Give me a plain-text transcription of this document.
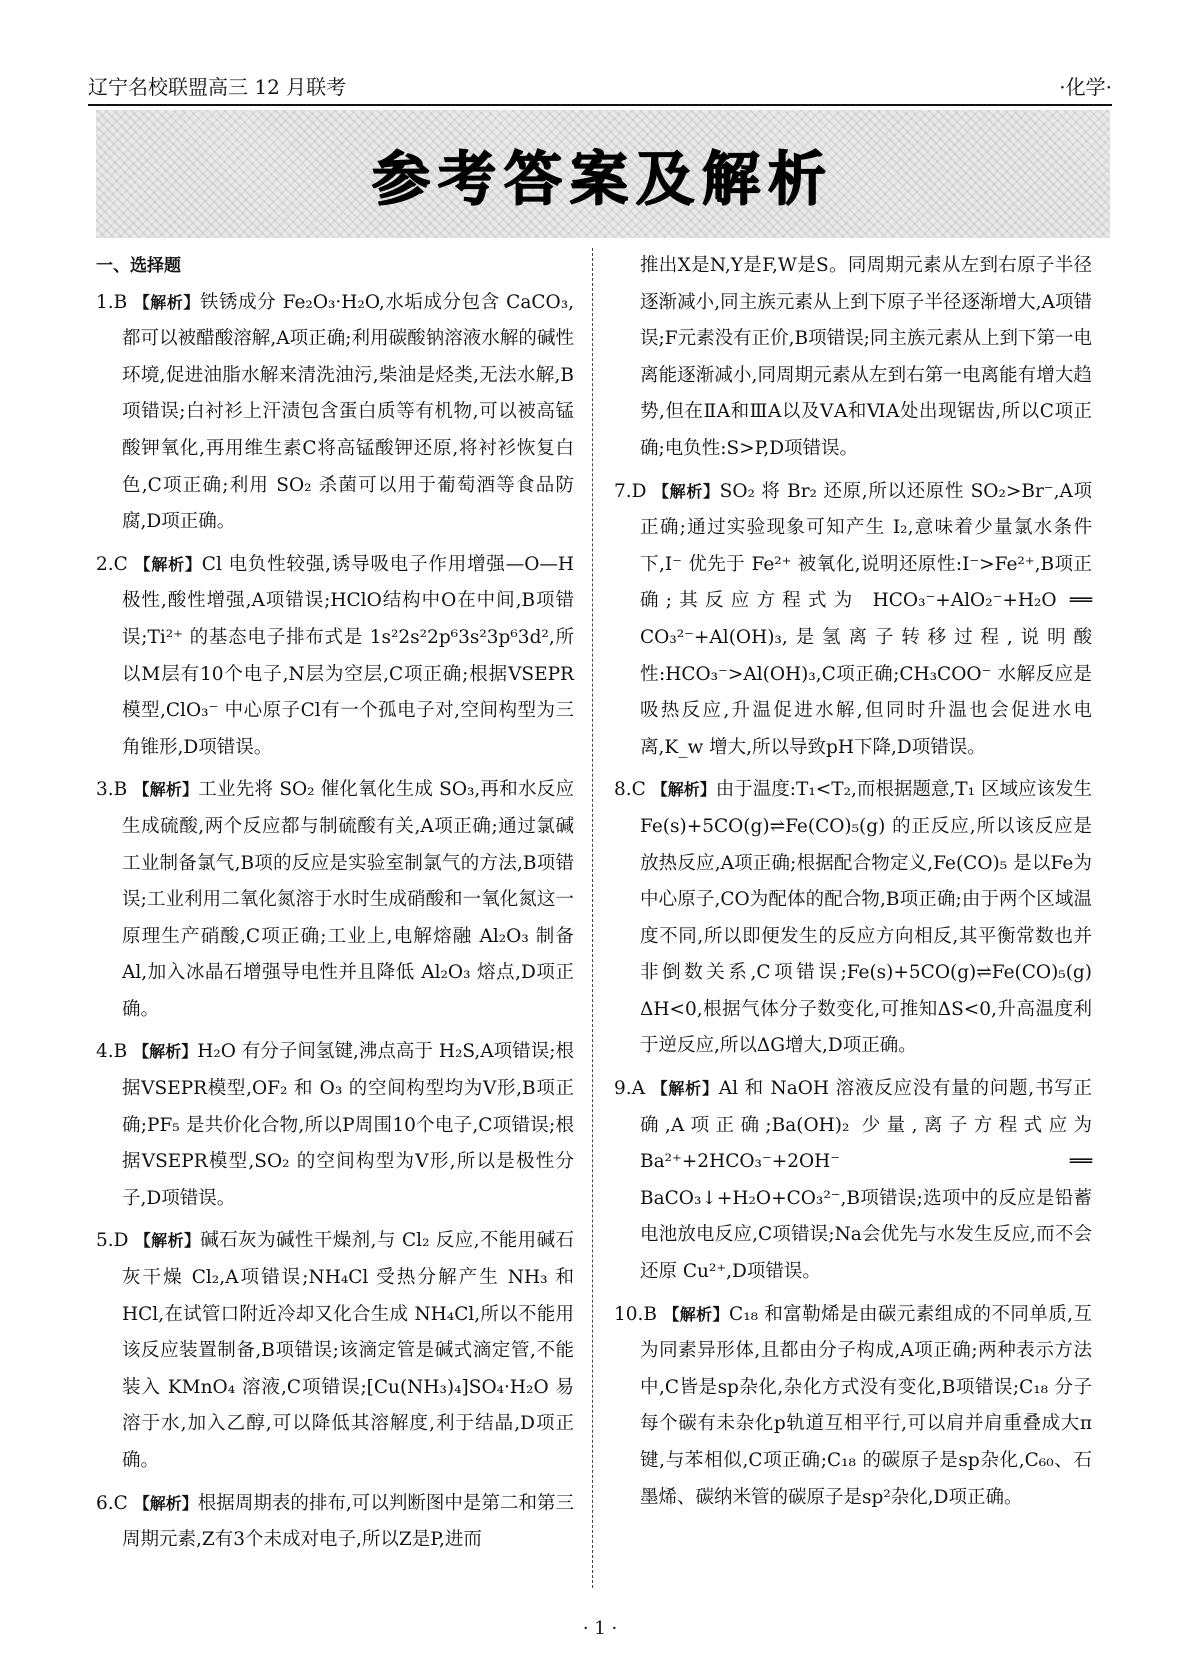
辽宁名校联盟高三 12 月联考	·化学·
参考答案及解析
一、选择题

1.B 【解析】铁锈成分 Fe₂O₃·H₂O,水垢成分包含 CaCO₃,都可以被醋酸溶解,A项正确;利用碳酸钠溶液水解的碱性环境,促进油脂水解来清洗油污,柴油是烃类,无法水解,B项错误;白衬衫上汗渍包含蛋白质等有机物,可以被高锰酸钾氧化,再用维生素C将高锰酸钾还原,将衬衫恢复白色,C项正确;利用 SO₂ 杀菌可以用于葡萄酒等食品防腐,D项正确。

2.C 【解析】Cl 电负性较强,诱导吸电子作用增强—O—H极性,酸性增强,A项错误;HClO结构中O在中间,B项错误;Ti²⁺ 的基态电子排布式是 1s²2s²2p⁶3s²3p⁶3d²,所以M层有10个电子,N层为空层,C项正确;根据VSEPR模型,ClO₃⁻ 中心原子Cl有一个孤电子对,空间构型为三角锥形,D项错误。

3.B 【解析】工业先将 SO₂ 催化氧化生成 SO₃,再和水反应生成硫酸,两个反应都与制硫酸有关,A项正确;通过氯碱工业制备氯气,B项的反应是实验室制氯气的方法,B项错误;工业利用二氧化氮溶于水时生成硝酸和一氧化氮这一原理生产硝酸,C项正确;工业上,电解熔融 Al₂O₃ 制备 Al,加入冰晶石增强导电性并且降低 Al₂O₃ 熔点,D项正确。

4.B 【解析】H₂O 有分子间氢键,沸点高于 H₂S,A项错误;根据VSEPR模型,OF₂ 和 O₃ 的空间构型均为V形,B项正确;PF₅ 是共价化合物,所以P周围10个电子,C项错误;根据VSEPR模型,SO₂ 的空间构型为V形,所以是极性分子,D项错误。

5.D 【解析】碱石灰为碱性干燥剂,与 Cl₂ 反应,不能用碱石灰干燥 Cl₂,A项错误;NH₄Cl 受热分解产生 NH₃ 和 HCl,在试管口附近冷却又化合生成 NH₄Cl,所以不能用该反应装置制备,B项错误;该滴定管是碱式滴定管,不能装入 KMnO₄ 溶液,C项错误;[Cu(NH₃)₄]SO₄·H₂O 易溶于水,加入乙醇,可以降低其溶解度,利于结晶,D项正确。

6.C 【解析】根据周期表的排布,可以判断图中是第二和第三周期元素,Z有3个未成对电子,所以Z是P,进而

推出X是N,Y是F,W是S。同周期元素从左到右原子半径逐渐减小,同主族元素从上到下原子半径逐渐增大,A项错误;F元素没有正价,B项错误;同主族元素从上到下第一电离能逐渐减小,同周期元素从左到右第一电离能有增大趋势,但在ⅡA和ⅢA以及ⅤA和ⅥA处出现锯齿,所以C项正确;电负性:S>P,D项错误。

7.D 【解析】SO₂ 将 Br₂ 还原,所以还原性 SO₂>Br⁻,A项正确;通过实验现象可知产生 I₂,意味着少量氯水条件下,I⁻ 优先于 Fe²⁺ 被氧化,说明还原性:I⁻>Fe²⁺,B项正确;其反应方程式为 HCO₃⁻+AlO₂⁻+H₂O ══ CO₃²⁻+Al(OH)₃,是氢离子转移过程,说明酸性:HCO₃⁻>Al(OH)₃,C项正确;CH₃COO⁻ 水解反应是吸热反应,升温促进水解,但同时升温也会促进水电离,K_w 增大,所以导致pH下降,D项错误。

8.C 【解析】由于温度:T₁<T₂,而根据题意,T₁ 区域应该发生 Fe(s)+5CO(g)⇌Fe(CO)₅(g) 的正反应,所以该反应是放热反应,A项正确;根据配合物定义,Fe(CO)₅ 是以Fe为中心原子,CO为配体的配合物,B项正确;由于两个区域温度不同,所以即便发生的反应方向相反,其平衡常数也并非倒数关系,C项错误;Fe(s)+5CO(g)⇌Fe(CO)₅(g) ΔH<0,根据气体分子数变化,可推知ΔS<0,升高温度利于逆反应,所以ΔG增大,D项正确。

9.A 【解析】Al 和 NaOH 溶液反应没有量的问题,书写正确,A项正确;Ba(OH)₂ 少量,离子方程式应为 Ba²⁺+2HCO₃⁻+2OH⁻ ══ BaCO₃↓+H₂O+CO₃²⁻,B项错误;选项中的反应是铅蓄电池放电反应,C项错误;Na会优先与水发生反应,而不会还原 Cu²⁺,D项错误。

10.B 【解析】C₁₈ 和富勒烯是由碳元素组成的不同单质,互为同素异形体,且都由分子构成,A项正确;两种表示方法中,C皆是sp杂化,杂化方式没有变化,B项错误;C₁₈ 分子每个碳有未杂化p轨道互相平行,可以肩并肩重叠成大π键,与苯相似,C项正确;C₁₈ 的碳原子是sp杂化,C₆₀、石墨烯、碳纳米管的碳原子是sp²杂化,D项正确。

· 1 ·
